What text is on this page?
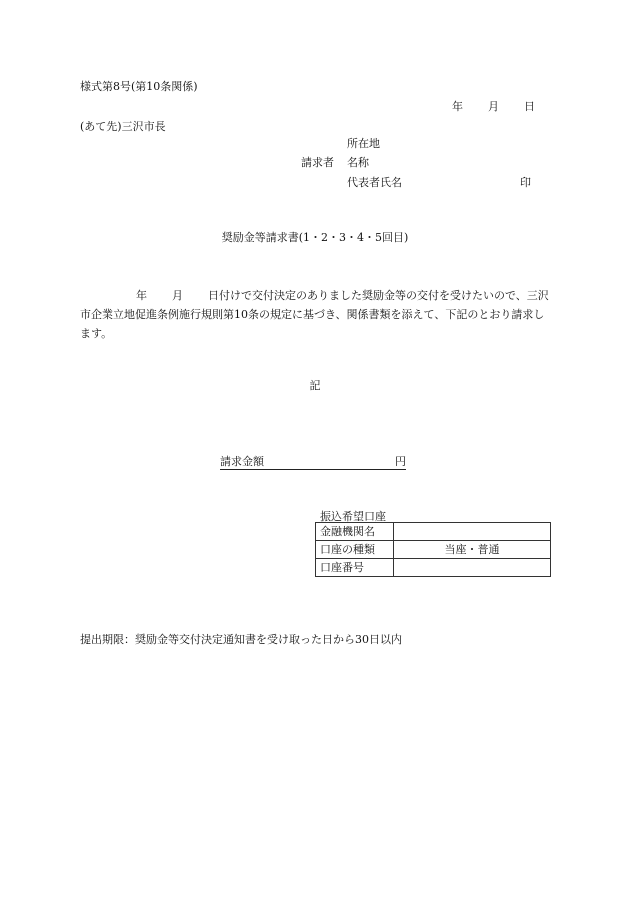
様式第8号(第10条関係)
年 月 日
(あて先)三沢市長
所在地
請求者 名称
代表者氏名	印
奨励金等請求書(1・2・3・4・5回目)
年 月 日付けで交付決定のありました奨励金等の交付を受けたいので、三沢市企業立地促進条例施行規則第10条の規定に基づき、関係書類を添えて、下記のとおり請求します。
記
請求金額	円
振込希望口座
金融機関名	
口座の種類	当座・普通
口座番号	
提出期限：奨励金等交付決定通知書を受け取った日から30日以内
